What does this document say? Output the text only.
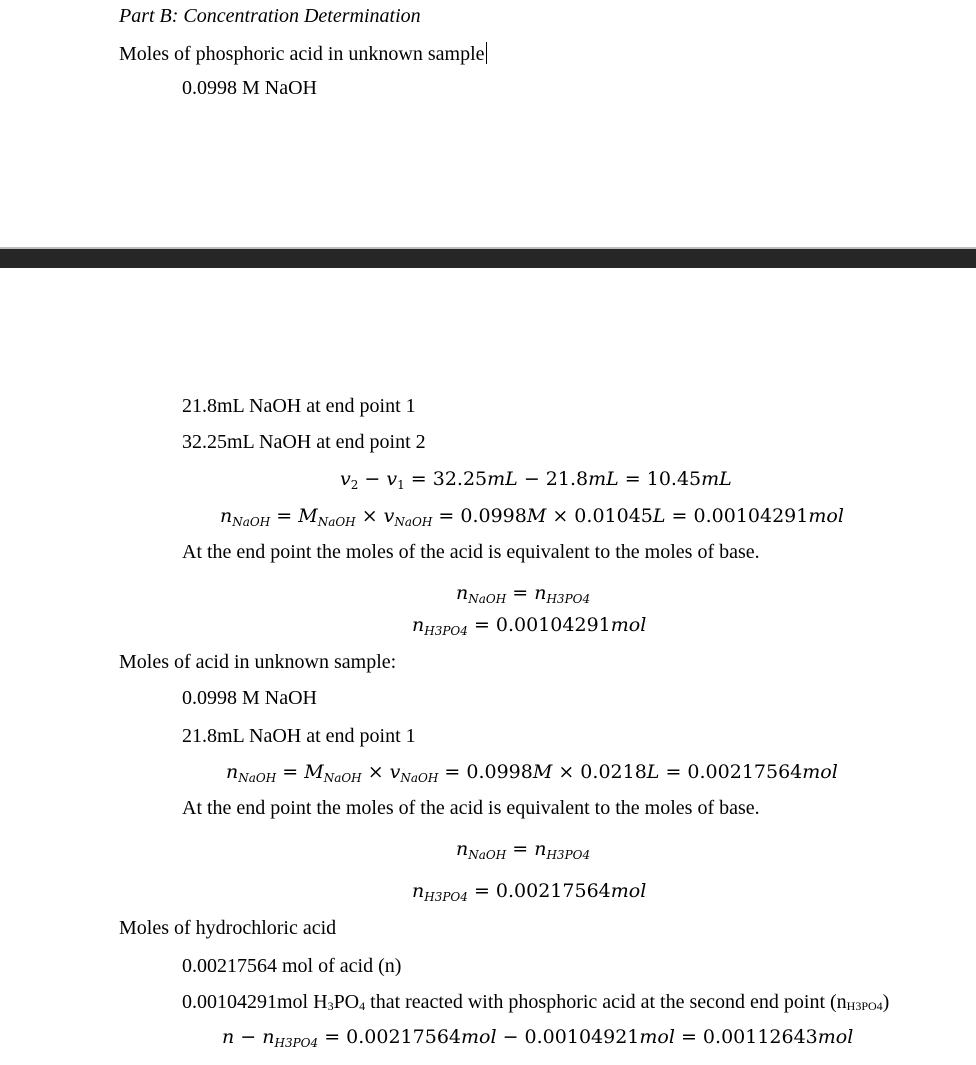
Part B: Concentration Determination
Moles of phosphoric acid in unknown sample
0.0998 M NaOH
21.8mL NaOH at end point 1
32.25mL NaOH at end point 2
$v_2 - v_1 = 32.25mL - 21.8mL = 10.45mL$
$n_{NaOH} = M_{NaOH} \times v_{NaOH} = 0.0998M \times 0.01045L = 0.00104291mol$
At the end point the moles of the acid is equivalent to the moles of base.
$n_{NaOH} = n_{H3PO4}$
$n_{H3PO4} = 0.00104291mol$
Moles of acid in unknown sample:
0.0998 M NaOH
21.8mL NaOH at end point 1
$n_{NaOH} = M_{NaOH} \times v_{NaOH} = 0.0998M \times 0.0218L = 0.00217564mol$
At the end point the moles of the acid is equivalent to the moles of base.
$n_{NaOH} = n_{H3PO4}$
$n_{H3PO4} = 0.00217564mol$
Moles of hydrochloric acid
0.00217564 mol of acid (n)
0.00104291mol $H_3PO_4$ that reacted with phosphoric acid at the second end point $(n_{H3PO4})$
$n - n_{H3PO4} = 0.00217564mol - 0.00104921mol = 0.00112643mol$
